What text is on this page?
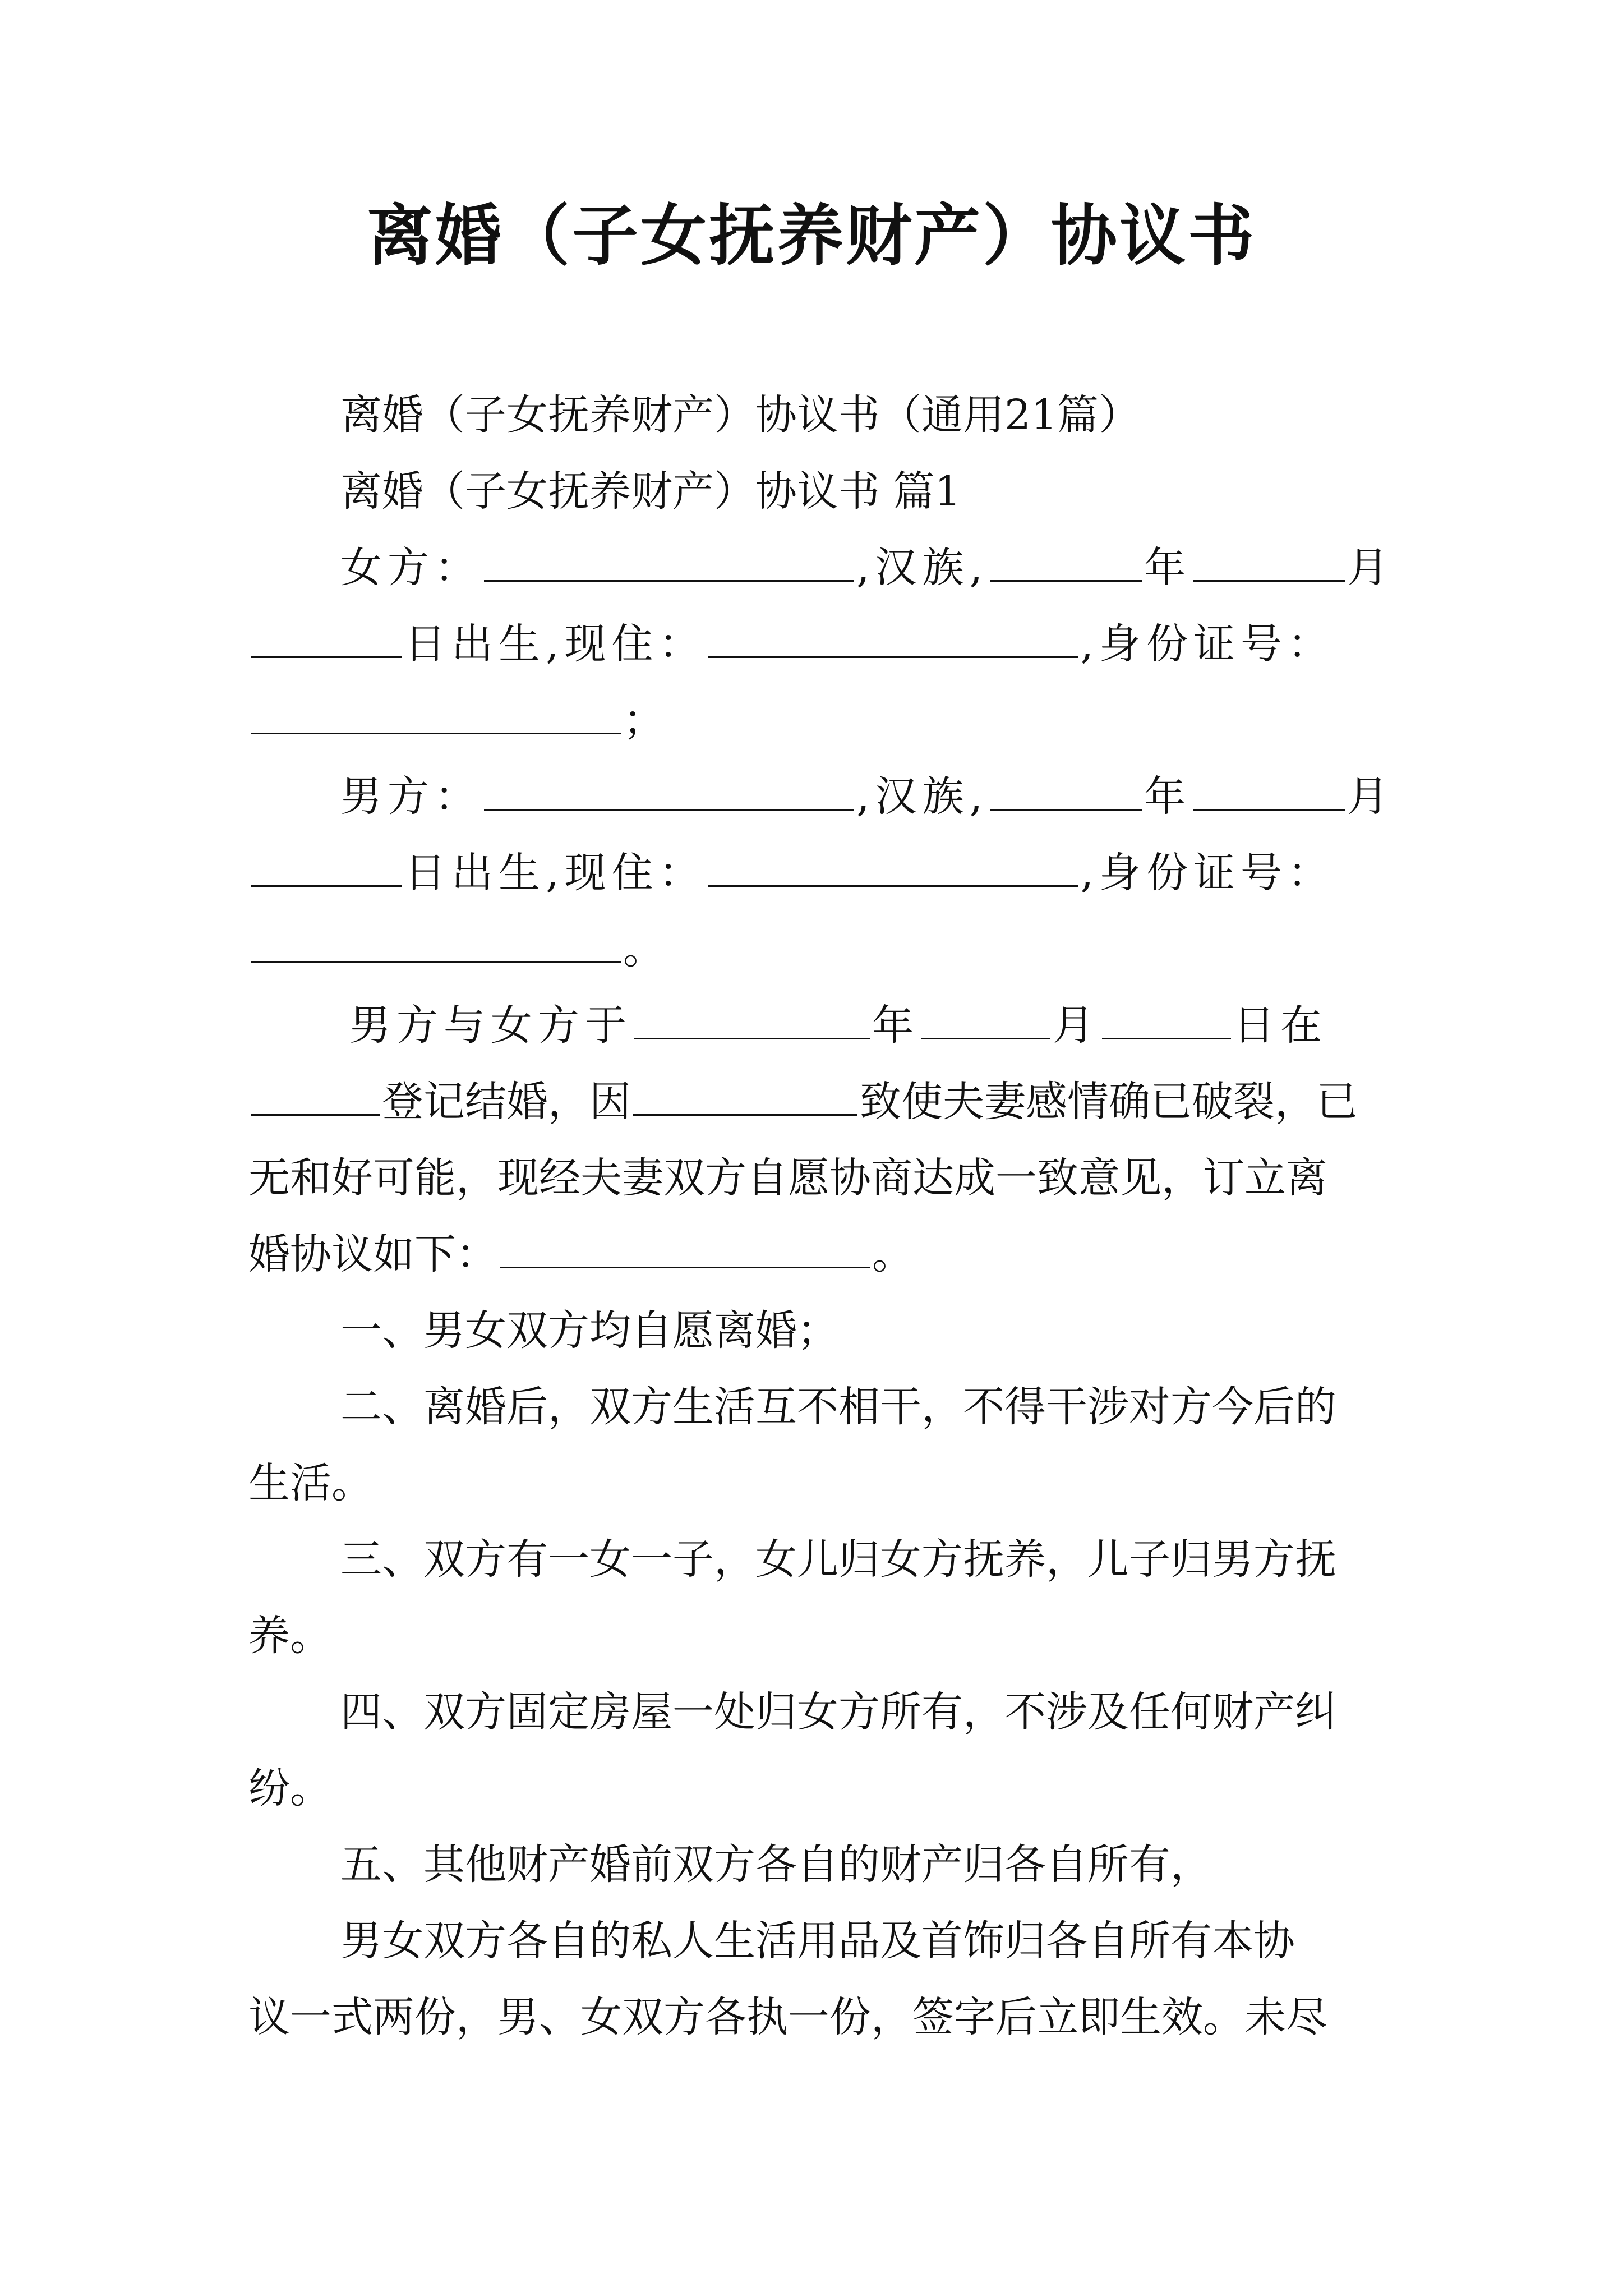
离婚（子女抚养财产）协议书
离婚（子女抚养财产）协议书（通用21篇）
离婚（子女抚养财产）协议书 篇1
女方：	,汉族,	年	月
日出生,现住：	,身份证号：
；
男方：	,汉族,	年	月
日出生,现住：	,身份证号：
。
男方与女方于	年	月	日在
登记结婚，因	致使夫妻感情确已破裂，已
无和好可能，现经夫妻双方自愿协商达成一致意见，订立离
婚协议如下：	。
一、男女双方均自愿离婚；
二、离婚后，双方生活互不相干，不得干涉对方今后的
生活。
三、双方有一女一子，女儿归女方抚养，儿子归男方抚
养。
四、双方固定房屋一处归女方所有，不涉及任何财产纠
纷。
五、其他财产婚前双方各自的财产归各自所有，
男女双方各自的私人生活用品及首饰归各自所有本协
议一式两份，男、女双方各执一份，签字后立即生效。未尽
